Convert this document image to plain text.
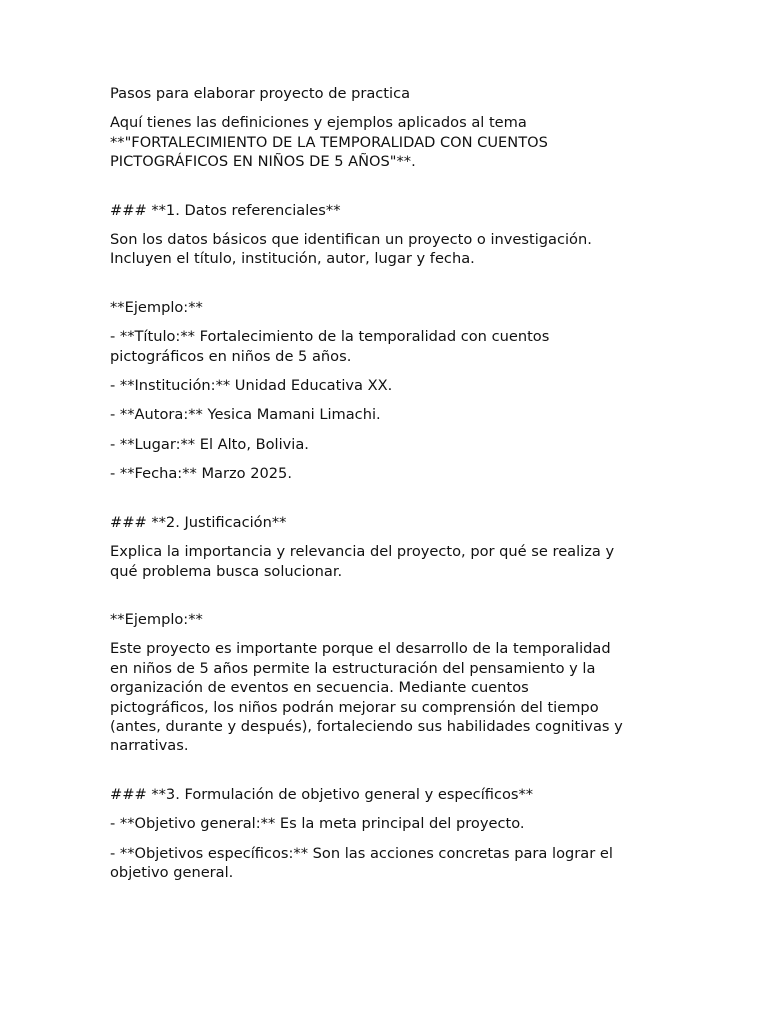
Pasos para elaborar proyecto de practica

Aquí tienes las definiciones y ejemplos aplicados al tema
**"FORTALECIMIENTO DE LA TEMPORALIDAD CON CUENTOS
PICTOGRÁFICOS EN NIÑOS DE 5 AÑOS"**.

### **1. Datos referenciales**

Son los datos básicos que identifican un proyecto o investigación.
Incluyen el título, institución, autor, lugar y fecha.

**Ejemplo:**

- **Título:** Fortalecimiento de la temporalidad con cuentos
pictográficos en niños de 5 años.

- **Institución:** Unidad Educativa XX.

- **Autora:** Yesica Mamani Limachi.

- **Lugar:** El Alto, Bolivia.

- **Fecha:** Marzo 2025.

### **2. Justificación**

Explica la importancia y relevancia del proyecto, por qué se realiza y
qué problema busca solucionar.

**Ejemplo:**

Este proyecto es importante porque el desarrollo de la temporalidad
en niños de 5 años permite la estructuración del pensamiento y la
organización de eventos en secuencia. Mediante cuentos
pictográficos, los niños podrán mejorar su comprensión del tiempo
(antes, durante y después), fortaleciendo sus habilidades cognitivas y
narrativas.

### **3. Formulación de objetivo general y específicos**

- **Objetivo general:** Es la meta principal del proyecto.

- **Objetivos específicos:** Son las acciones concretas para lograr el
objetivo general.
